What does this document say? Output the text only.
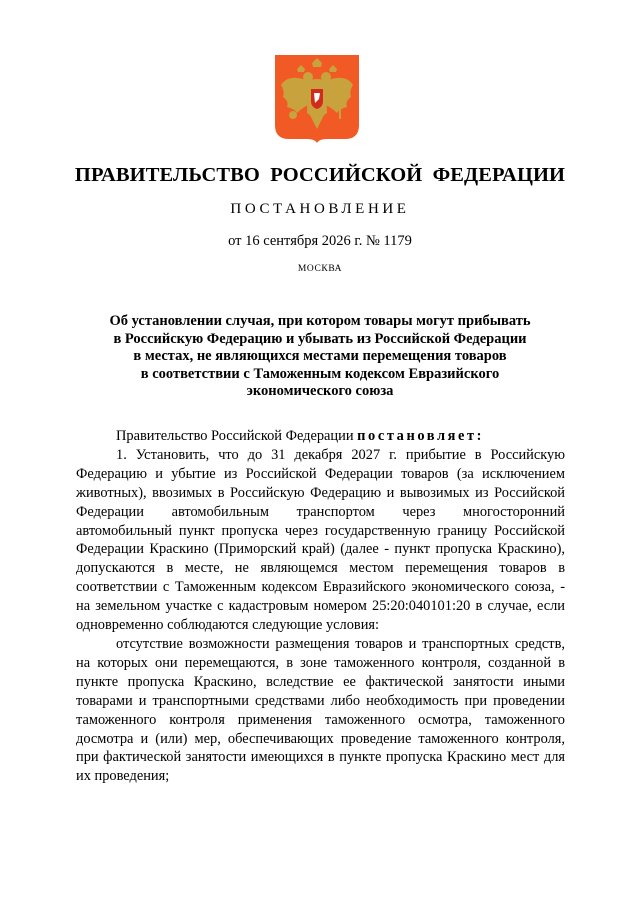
ПРАВИТЕЛЬСТВО РОССИЙСКОЙ ФЕДЕРАЦИИ
ПОСТАНОВЛЕНИЕ
от 16 сентября 2026 г. № 1179
МОСКВА
Об установлении случая, при котором товары могут прибывать
в Российскую Федерацию и убывать из Российской Федерации
в местах, не являющихся местами перемещения товаров
в соответствии с Таможенным кодексом Евразийского
экономического союза

Правительство Российской Федерации постановляет:

1. Установить, что до 31 декабря 2027 г. прибытие в Российскую Федерацию и убытие из Российской Федерации товаров (за исключением животных), ввозимых в Российскую Федерацию и вывозимых из Российской Федерации автомобильным транспортом через многосторонний автомобильный пункт пропуска через государственную границу Российской Федерации Краскино (Приморский край) (далее - пункт пропуска Краскино), допускаются в месте, не являющемся местом перемещения товаров в соответствии с Таможенным кодексом Евразийского экономического союза, - на земельном участке с кадастровым номером 25:20:040101:20 в случае, если одновременно соблюдаются следующие условия:

отсутствие возможности размещения товаров и транспортных средств, на которых они перемещаются, в зоне таможенного контроля, созданной в пункте пропуска Краскино, вследствие ее фактической занятости иными товарами и транспортными средствами либо необходимость при проведении таможенного контроля применения таможенного осмотра, таможенного досмотра и (или) мер, обеспечивающих проведение таможенного контроля, при фактической занятости имеющихся в пункте пропуска Краскино мест для их проведения;
